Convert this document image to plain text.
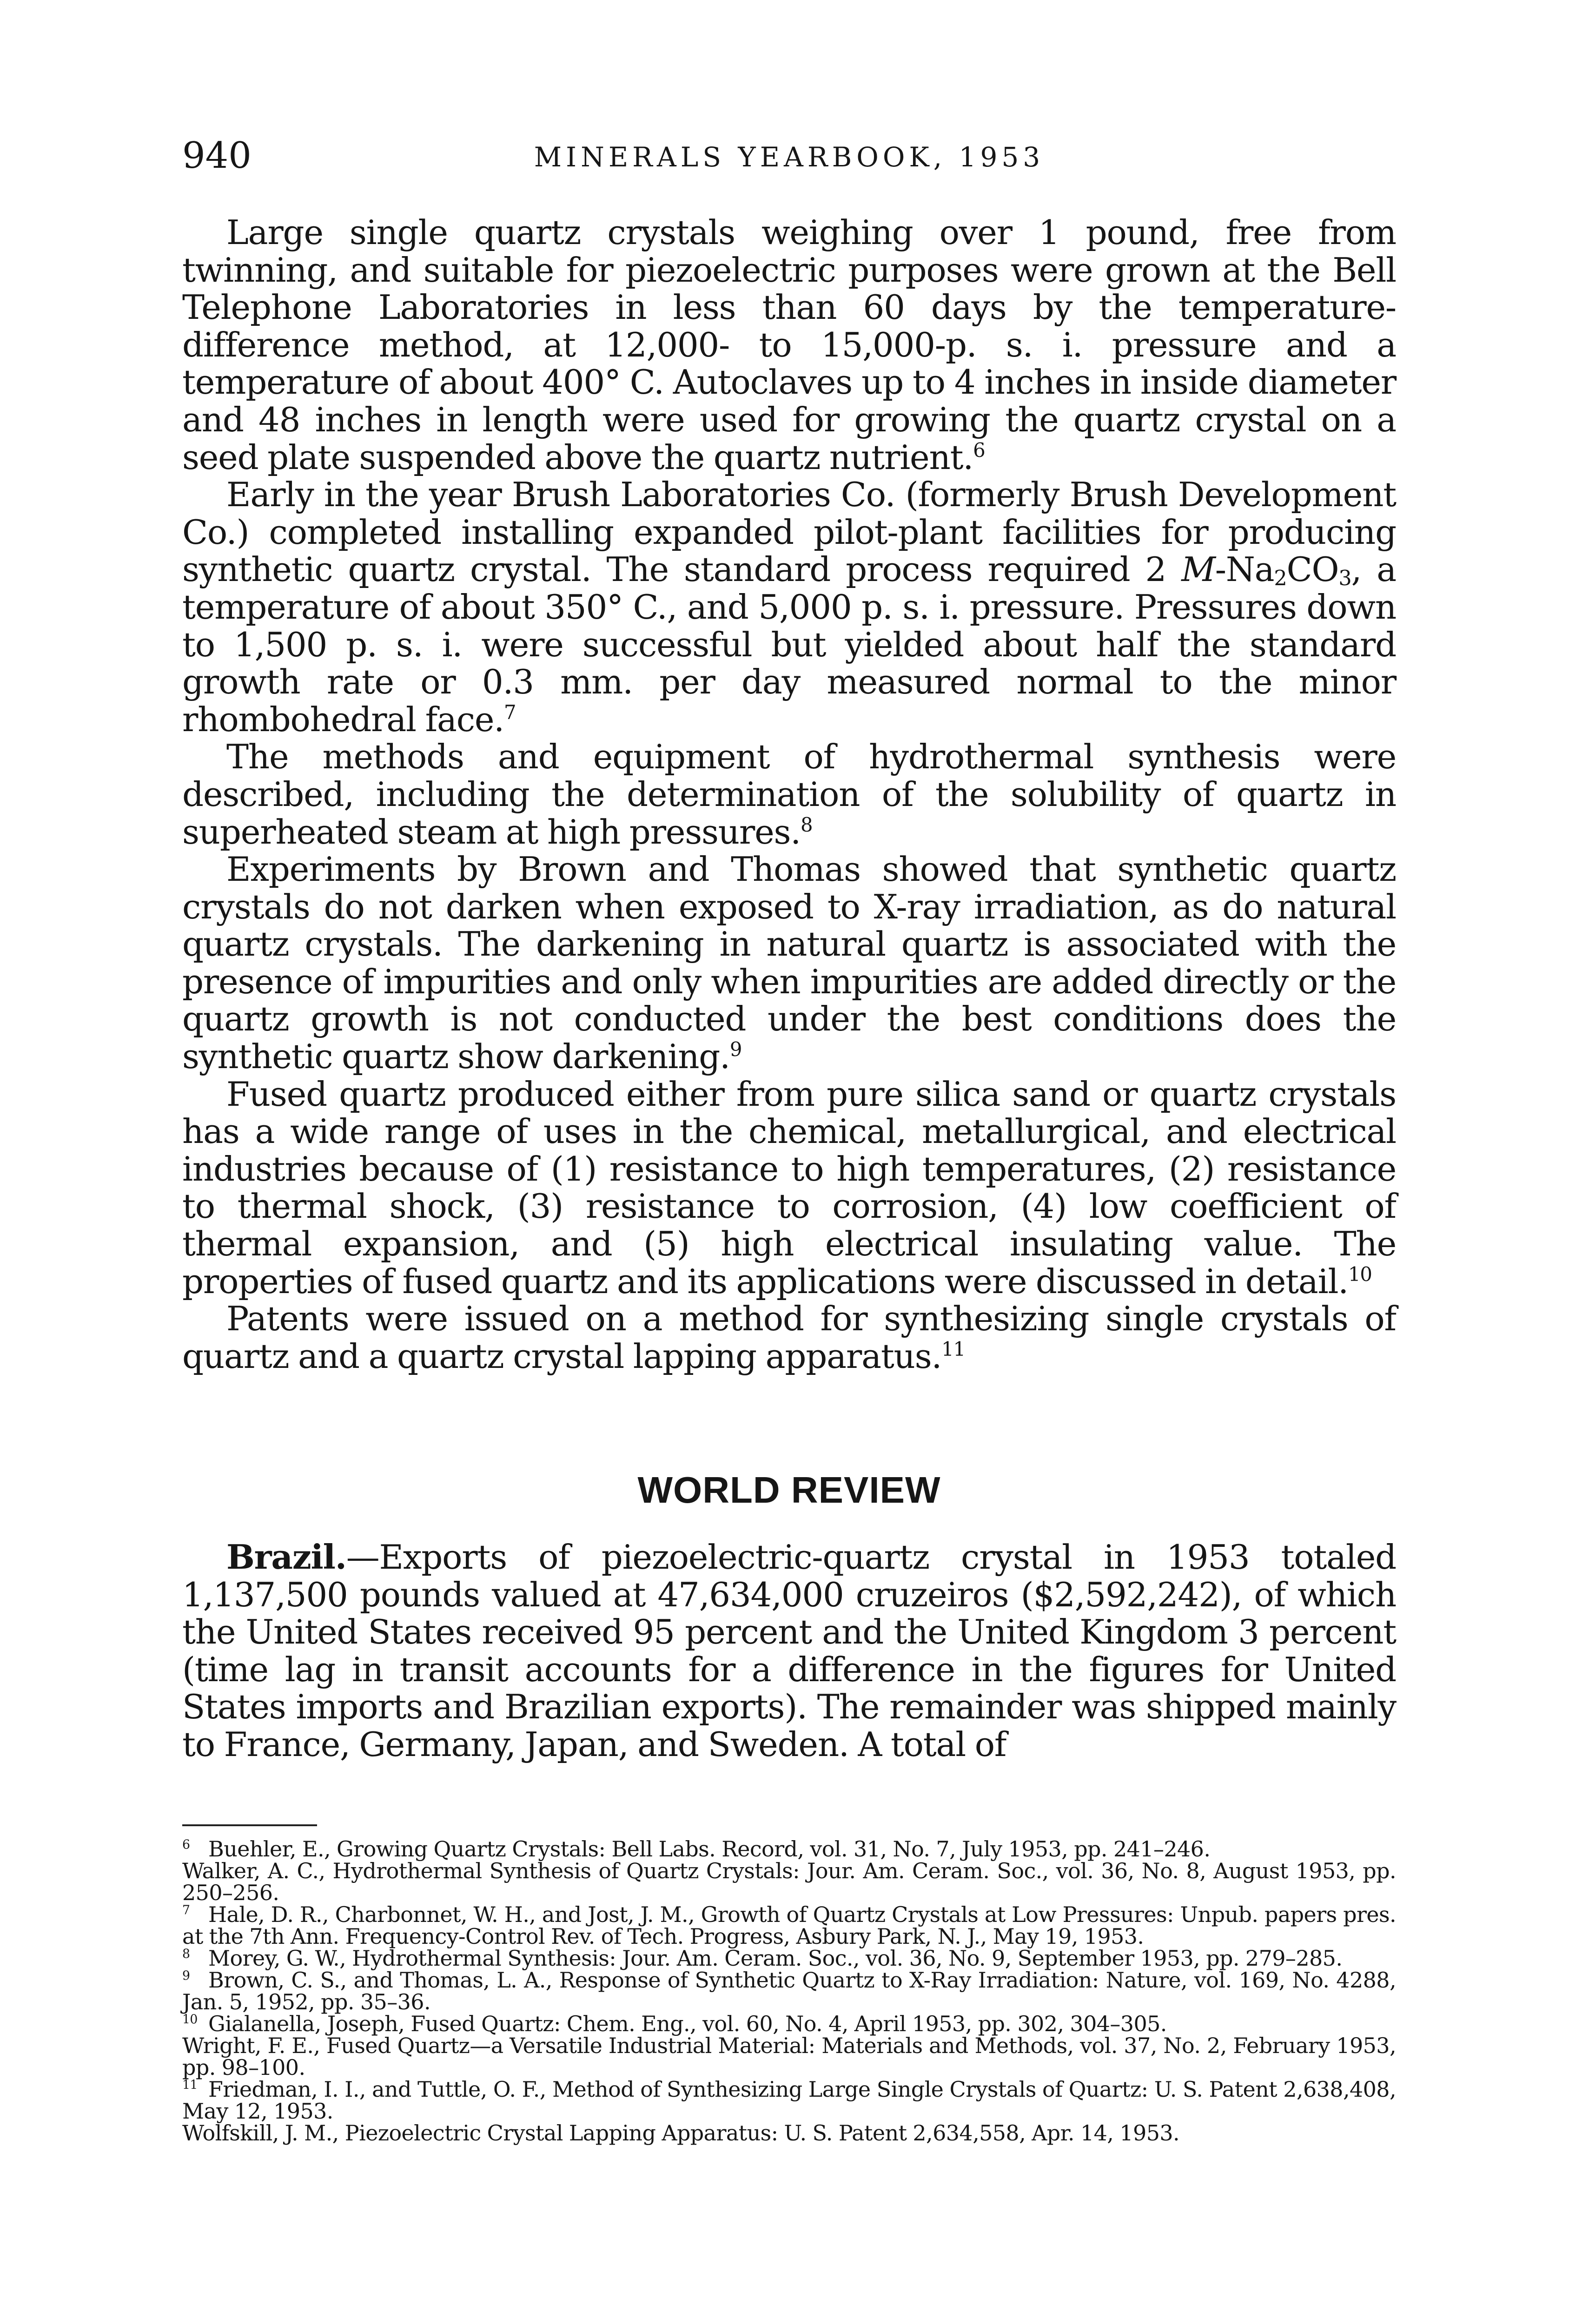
940	MINERALS YEARBOOK, 1953

Large single quartz crystals weighing over 1 pound, free from twinning, and suitable for piezoelectric purposes were grown at the Bell Telephone Laboratories in less than 60 days by the temperature-difference method, at 12,000- to 15,000-p. s. i. pressure and a temperature of about 400° C. Autoclaves up to 4 inches in inside diameter and 48 inches in length were used for growing the quartz crystal on a seed plate suspended above the quartz nutrient.$^6$

Early in the year Brush Laboratories Co. (formerly Brush Development Co.) completed installing expanded pilot-plant facilities for producing synthetic quartz crystal. The standard process required 2 $M-Na_2CO_3$, a temperature of about 350° C., and 5,000 p. s. i. pressure. Pressures down to 1,500 p. s. i. were successful but yielded about half the standard growth rate or 0.3 mm. per day measured normal to the minor rhombohedral face.$^7$

The methods and equipment of hydrothermal synthesis were described, including the determination of the solubility of quartz in superheated steam at high pressures.$^8$

Experiments by Brown and Thomas showed that synthetic quartz crystals do not darken when exposed to X-ray irradiation, as do natural quartz crystals. The darkening in natural quartz is associated with the presence of impurities and only when impurities are added directly or the quartz growth is not conducted under the best conditions does the synthetic quartz show darkening.$^9$

Fused quartz produced either from pure silica sand or quartz crystals has a wide range of uses in the chemical, metallurgical, and electrical industries because of (1) resistance to high temperatures, (2) resistance to thermal shock, (3) resistance to corrosion, (4) low coefficient of thermal expansion, and (5) high electrical insulating value. The properties of fused quartz and its applications were discussed in detail.$^{10}$

Patents were issued on a method for synthesizing single crystals of quartz and a quartz crystal lapping apparatus.$^{11}$

WORLD REVIEW

Brazil.—Exports of piezoelectric-quartz crystal in 1953 totaled 1,137,500 pounds valued at 47,634,000 cruzeiros ($2,592,242), of which the United States received 95 percent and the United Kingdom 3 percent (time lag in transit accounts for a difference in the figures for United States imports and Brazilian exports). The remainder was shipped mainly to France, Germany, Japan, and Sweden. A total of

$^6$ Buehler, E., Growing Quartz Crystals: Bell Labs. Record, vol. 31, No. 7, July 1953, pp. 241–246.

Walker, A. C., Hydrothermal Synthesis of Quartz Crystals: Jour. Am. Ceram. Soc., vol. 36, No. 8, August 1953, pp. 250–256.

$^7$ Hale, D. R., Charbonnet, W. H., and Jost, J. M., Growth of Quartz Crystals at Low Pressures: Unpub. papers pres. at the 7th Ann. Frequency-Control Rev. of Tech. Progress, Asbury Park, N. J., May 19, 1953.

$^8$ Morey, G. W., Hydrothermal Synthesis: Jour. Am. Ceram. Soc., vol. 36, No. 9, September 1953, pp. 279–285.

$^9$ Brown, C. S., and Thomas, L. A., Response of Synthetic Quartz to X-Ray Irradiation: Nature, vol. 169, No. 4288, Jan. 5, 1952, pp. 35–36.

$^{10}$ Gialanella, Joseph, Fused Quartz: Chem. Eng., vol. 60, No. 4, April 1953, pp. 302, 304–305.

Wright, F. E., Fused Quartz—a Versatile Industrial Material: Materials and Methods, vol. 37, No. 2, February 1953, pp. 98–100.

$^{11}$ Friedman, I. I., and Tuttle, O. F., Method of Synthesizing Large Single Crystals of Quartz: U. S. Patent 2,638,408, May 12, 1953.

Wolfskill, J. M., Piezoelectric Crystal Lapping Apparatus: U. S. Patent 2,634,558, Apr. 14, 1953.
